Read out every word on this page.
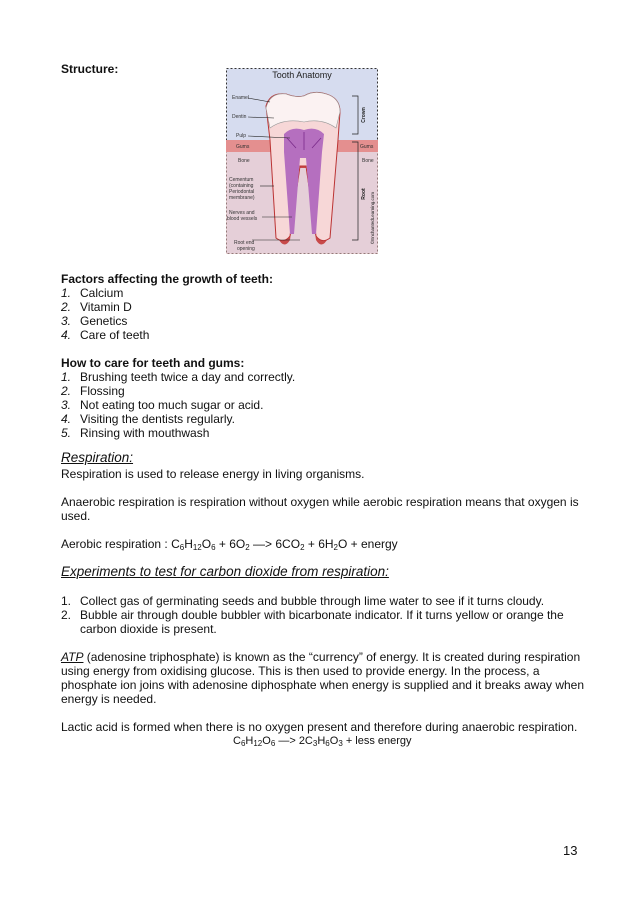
Structure:	Tooth Anatomy
Enamel
Dentin
Pulp
Gums
Bone
Cementum
(containing
Periodontal
membrane)
Nerves and
blood vessels
Root end
opening
Gums
Bone
Crown
Root ©EnchantedLearning.com
Factors affecting the growth of teeth:
1. Calcium
2. Vitamin D
3. Genetics
4. Care of teeth
How to care for teeth and gums:
1. Brushing teeth twice a day and correctly.
2. Flossing
3. Not eating too much sugar or acid.
4. Visiting the dentists regularly.
5. Rinsing with mouthwash
Respiration:
Respiration is used to release energy in living organisms.
Anaerobic respiration is respiration without oxygen while aerobic respiration means that oxygen is
used.
Aerobic respiration : $C_6H_{12}O_6 + 6O_2$ —> $6CO_2 + 6H_2O$ + energy
Experiments to test for carbon dioxide from respiration:
1. Collect gas of germinating seeds and bubble through lime water to see if it turns cloudy.
2. Bubble air through double bubbler with bicarbonate indicator. If it turns yellow or orange the
carbon dioxide is present.
ATP (adenosine triphosphate) is known as the “currency” of energy. It is created during respiration
using energy from oxidising glucose. This is then used to provide energy. In the process, a
phosphate ion joins with adenosine diphosphate when energy is supplied and it breaks away when
energy is needed.
Lactic acid is formed when there is no oxygen present and therefore during anaerobic respiration.
$C_6H_{12}O_6$ —> $2C_3H_6O_3$ + less energy
13
